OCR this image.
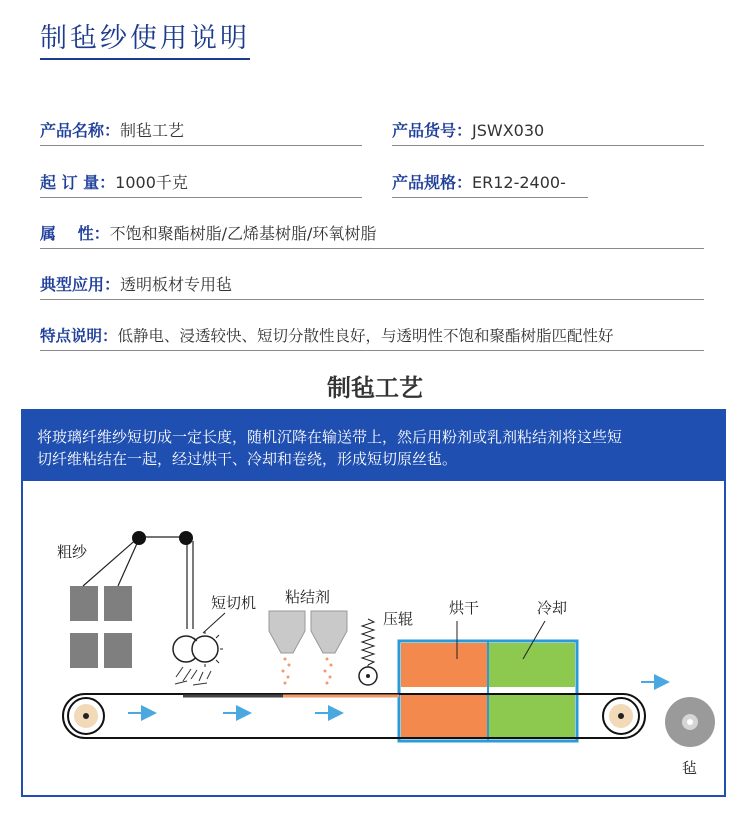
制毡纱使用说明
产品名称：制毡工艺	产品货号：JSWX030
起 订 量：1000千克	产品规格：ER12-2400-
属　 性：不饱和聚酯树脂/乙烯基树脂/环氧树脂
典型应用：透明板材专用毡
特点说明：低静电、浸透较快、短切分散性良好，与透明性不饱和聚酯树脂匹配性好
制毡工艺
将玻璃纤维纱短切成一定长度，随机沉降在输送带上，然后用粉剂或乳剂粘结剂将这些短
切纤维粘结在一起，经过烘干、冷却和卷绕，形成短切原丝毡。
粗纱
短切机 粘结剂
压辊
烘干	冷却
毡
